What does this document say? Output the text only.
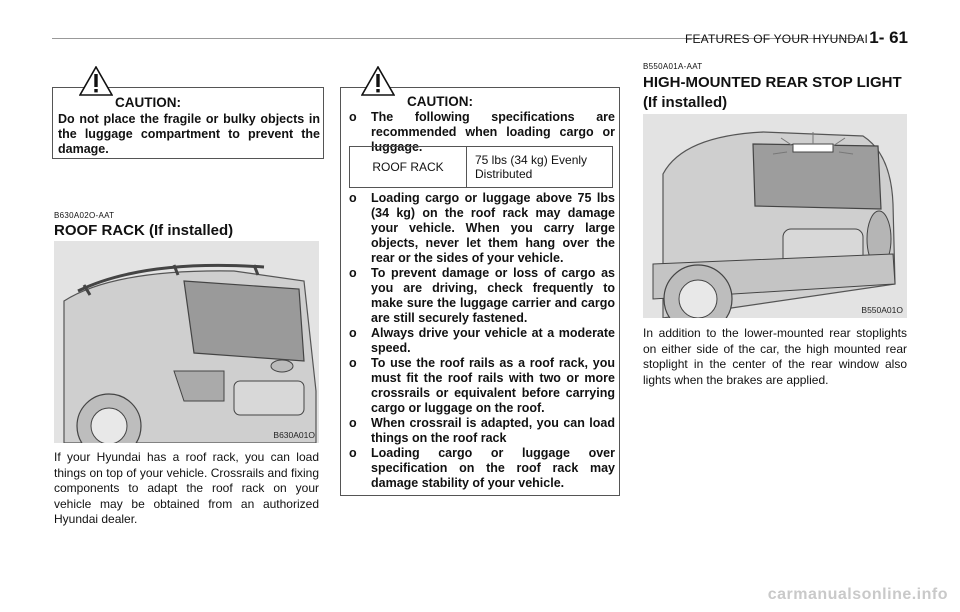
FEATURES OF YOUR HYUNDAI 1- 61
CAUTION:
Do not place the fragile or bulky objects in the luggage compartment to prevent the damage.
B630A02O-AAT
ROOF RACK (If installed)
B630A01O
If your Hyundai has a roof rack, you can load things on top of your vehicle. Crossrails and fixing components to adapt the roof rack on your vehicle may be obtained from an authorized Hyundai dealer.
CAUTION:
o The following specifications are recommended when loading cargo or luggage.
ROOF RACK	75 lbs (34 kg) Evenly
Distributed
o Loading cargo or luggage above 75 lbs (34 kg) on the roof rack may damage your vehicle. When you carry large objects, never let them hang over the rear or the sides of your vehicle.
o To prevent damage or loss of cargo as you are driving, check frequently to make sure the luggage carrier and cargo are still securely fastened.
o Always drive your vehicle at a moderate speed.
o To use the roof rails as a roof rack, you must fit the roof rails with two or more crossrails or equivalent before carrying cargo or luggage on the roof.
o When crossrail is adapted, you can load things on the roof rack
o Loading cargo or luggage over specification on the roof rack may damage stability of your vehicle.
B550A01A-AAT
HIGH-MOUNTED REAR STOP LIGHT
(If installed)
B550A01O
In addition to the lower-mounted rear stoplights on either side of the car, the high mounted rear stoplight in the center of the rear window also lights when the brakes are applied.
carmanualsonline.info
